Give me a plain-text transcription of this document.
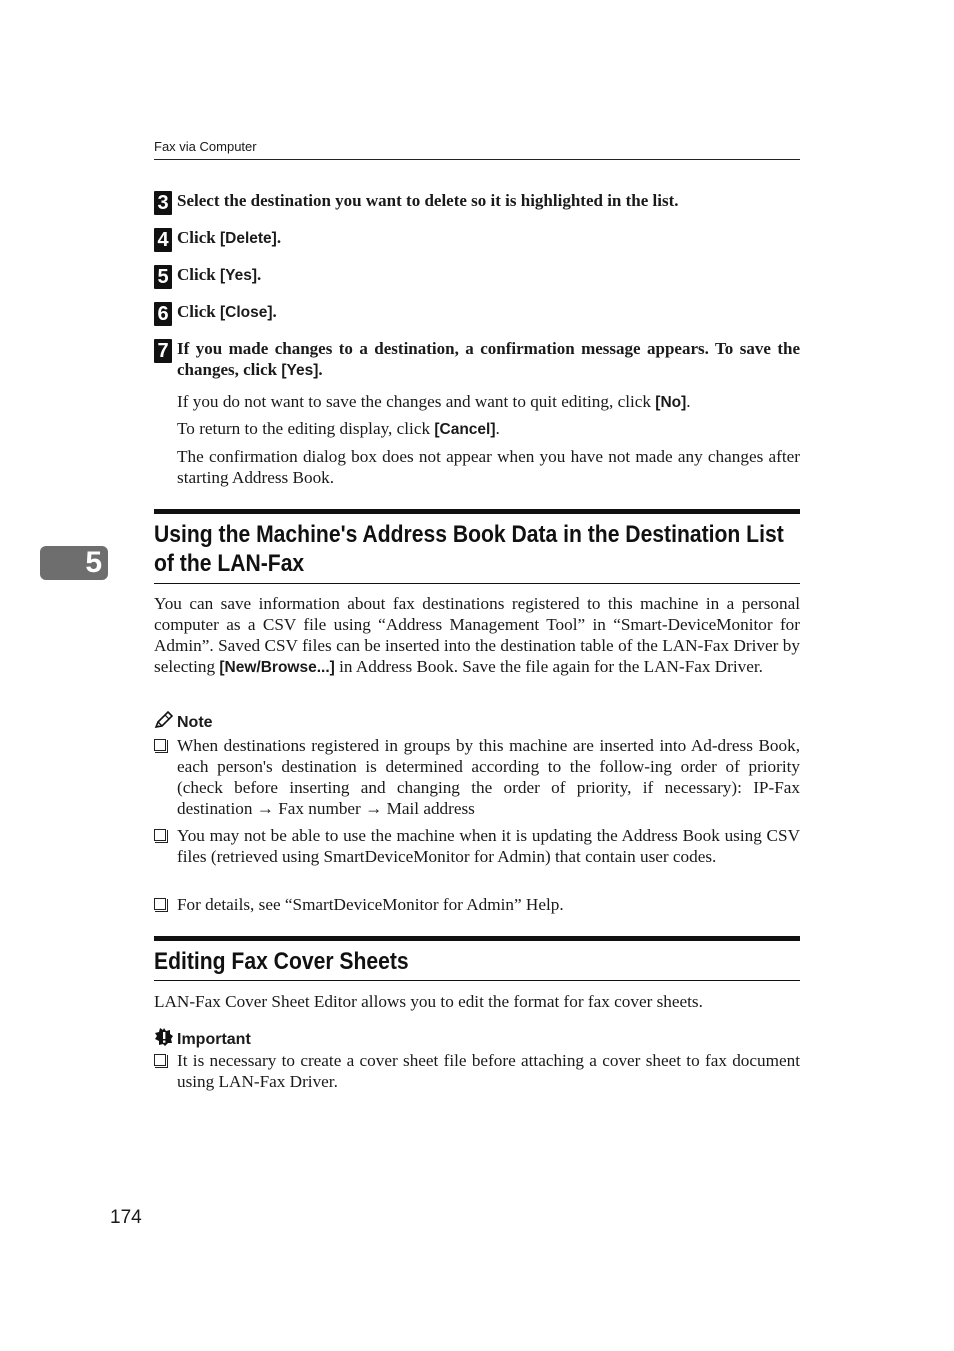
Fax via Computer
3 Select the destination you want to delete so it is highlighted in the list.
4 Click [Delete].
5 Click [Yes].
6 Click [Close].
7 If you made changes to a destination, a confirmation message appears. To save the changes, click [Yes].
If you do not want to save the changes and want to quit editing, click [No].
To return to the editing display, click [Cancel].
The confirmation dialog box does not appear when you have not made any changes after starting Address Book.
5
Using the Machine's Address Book Data in the Destination List of the LAN-Fax
You can save information about fax destinations registered to this machine in a personal computer as a CSV file using “Address Management Tool” in “Smart-DeviceMonitor for Admin”. Saved CSV files can be inserted into the destination table of the LAN-Fax Driver by selecting [New/Browse...] in Address Book. Save the file again for the LAN-Fax Driver.
Note
When destinations registered in groups by this machine are inserted into Ad-dress Book, each person's destination is determined according to the follow-ing order of priority (check before inserting and changing the order of priority, if necessary): IP-Fax destination → Fax number → Mail address
You may not be able to use the machine when it is updating the Address Book using CSV files (retrieved using SmartDeviceMonitor for Admin) that contain user codes.
For details, see “SmartDeviceMonitor for Admin” Help.
Editing Fax Cover Sheets
LAN-Fax Cover Sheet Editor allows you to edit the format for fax cover sheets.
Important
It is necessary to create a cover sheet file before attaching a cover sheet to fax document using LAN-Fax Driver.
174
